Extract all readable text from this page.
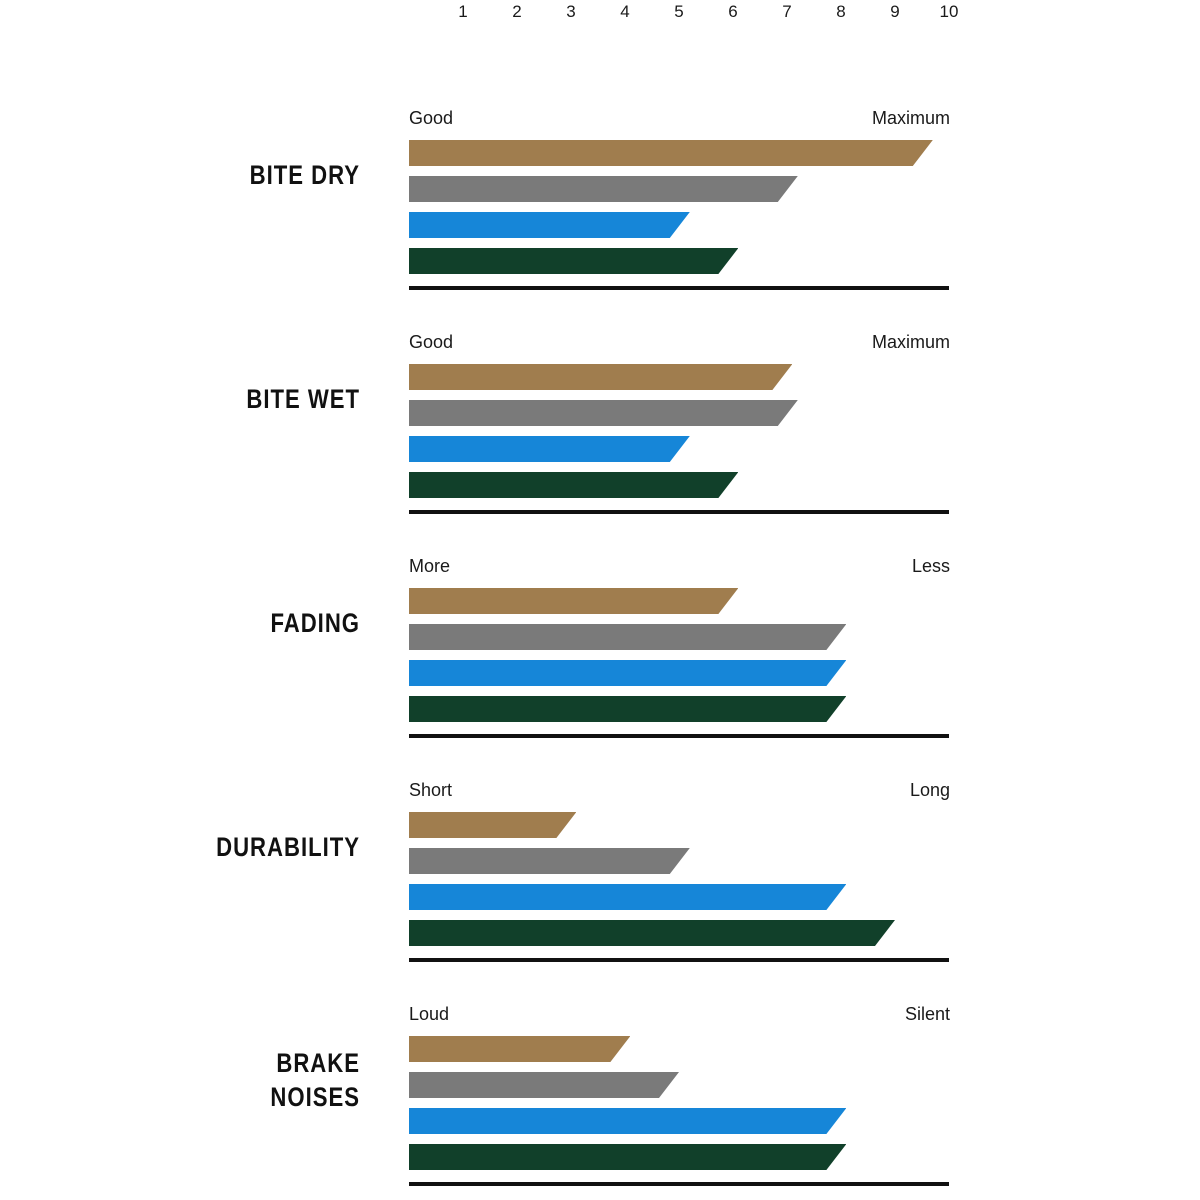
1	2	3	4	5	6	7	8	9	10
Good	Maximum
BITE DRY
Good	Maximum
BITE WET
More	Less
FADING
Short	Long
DURABILITY
Loud	Silent
BRAKE
NOISES
